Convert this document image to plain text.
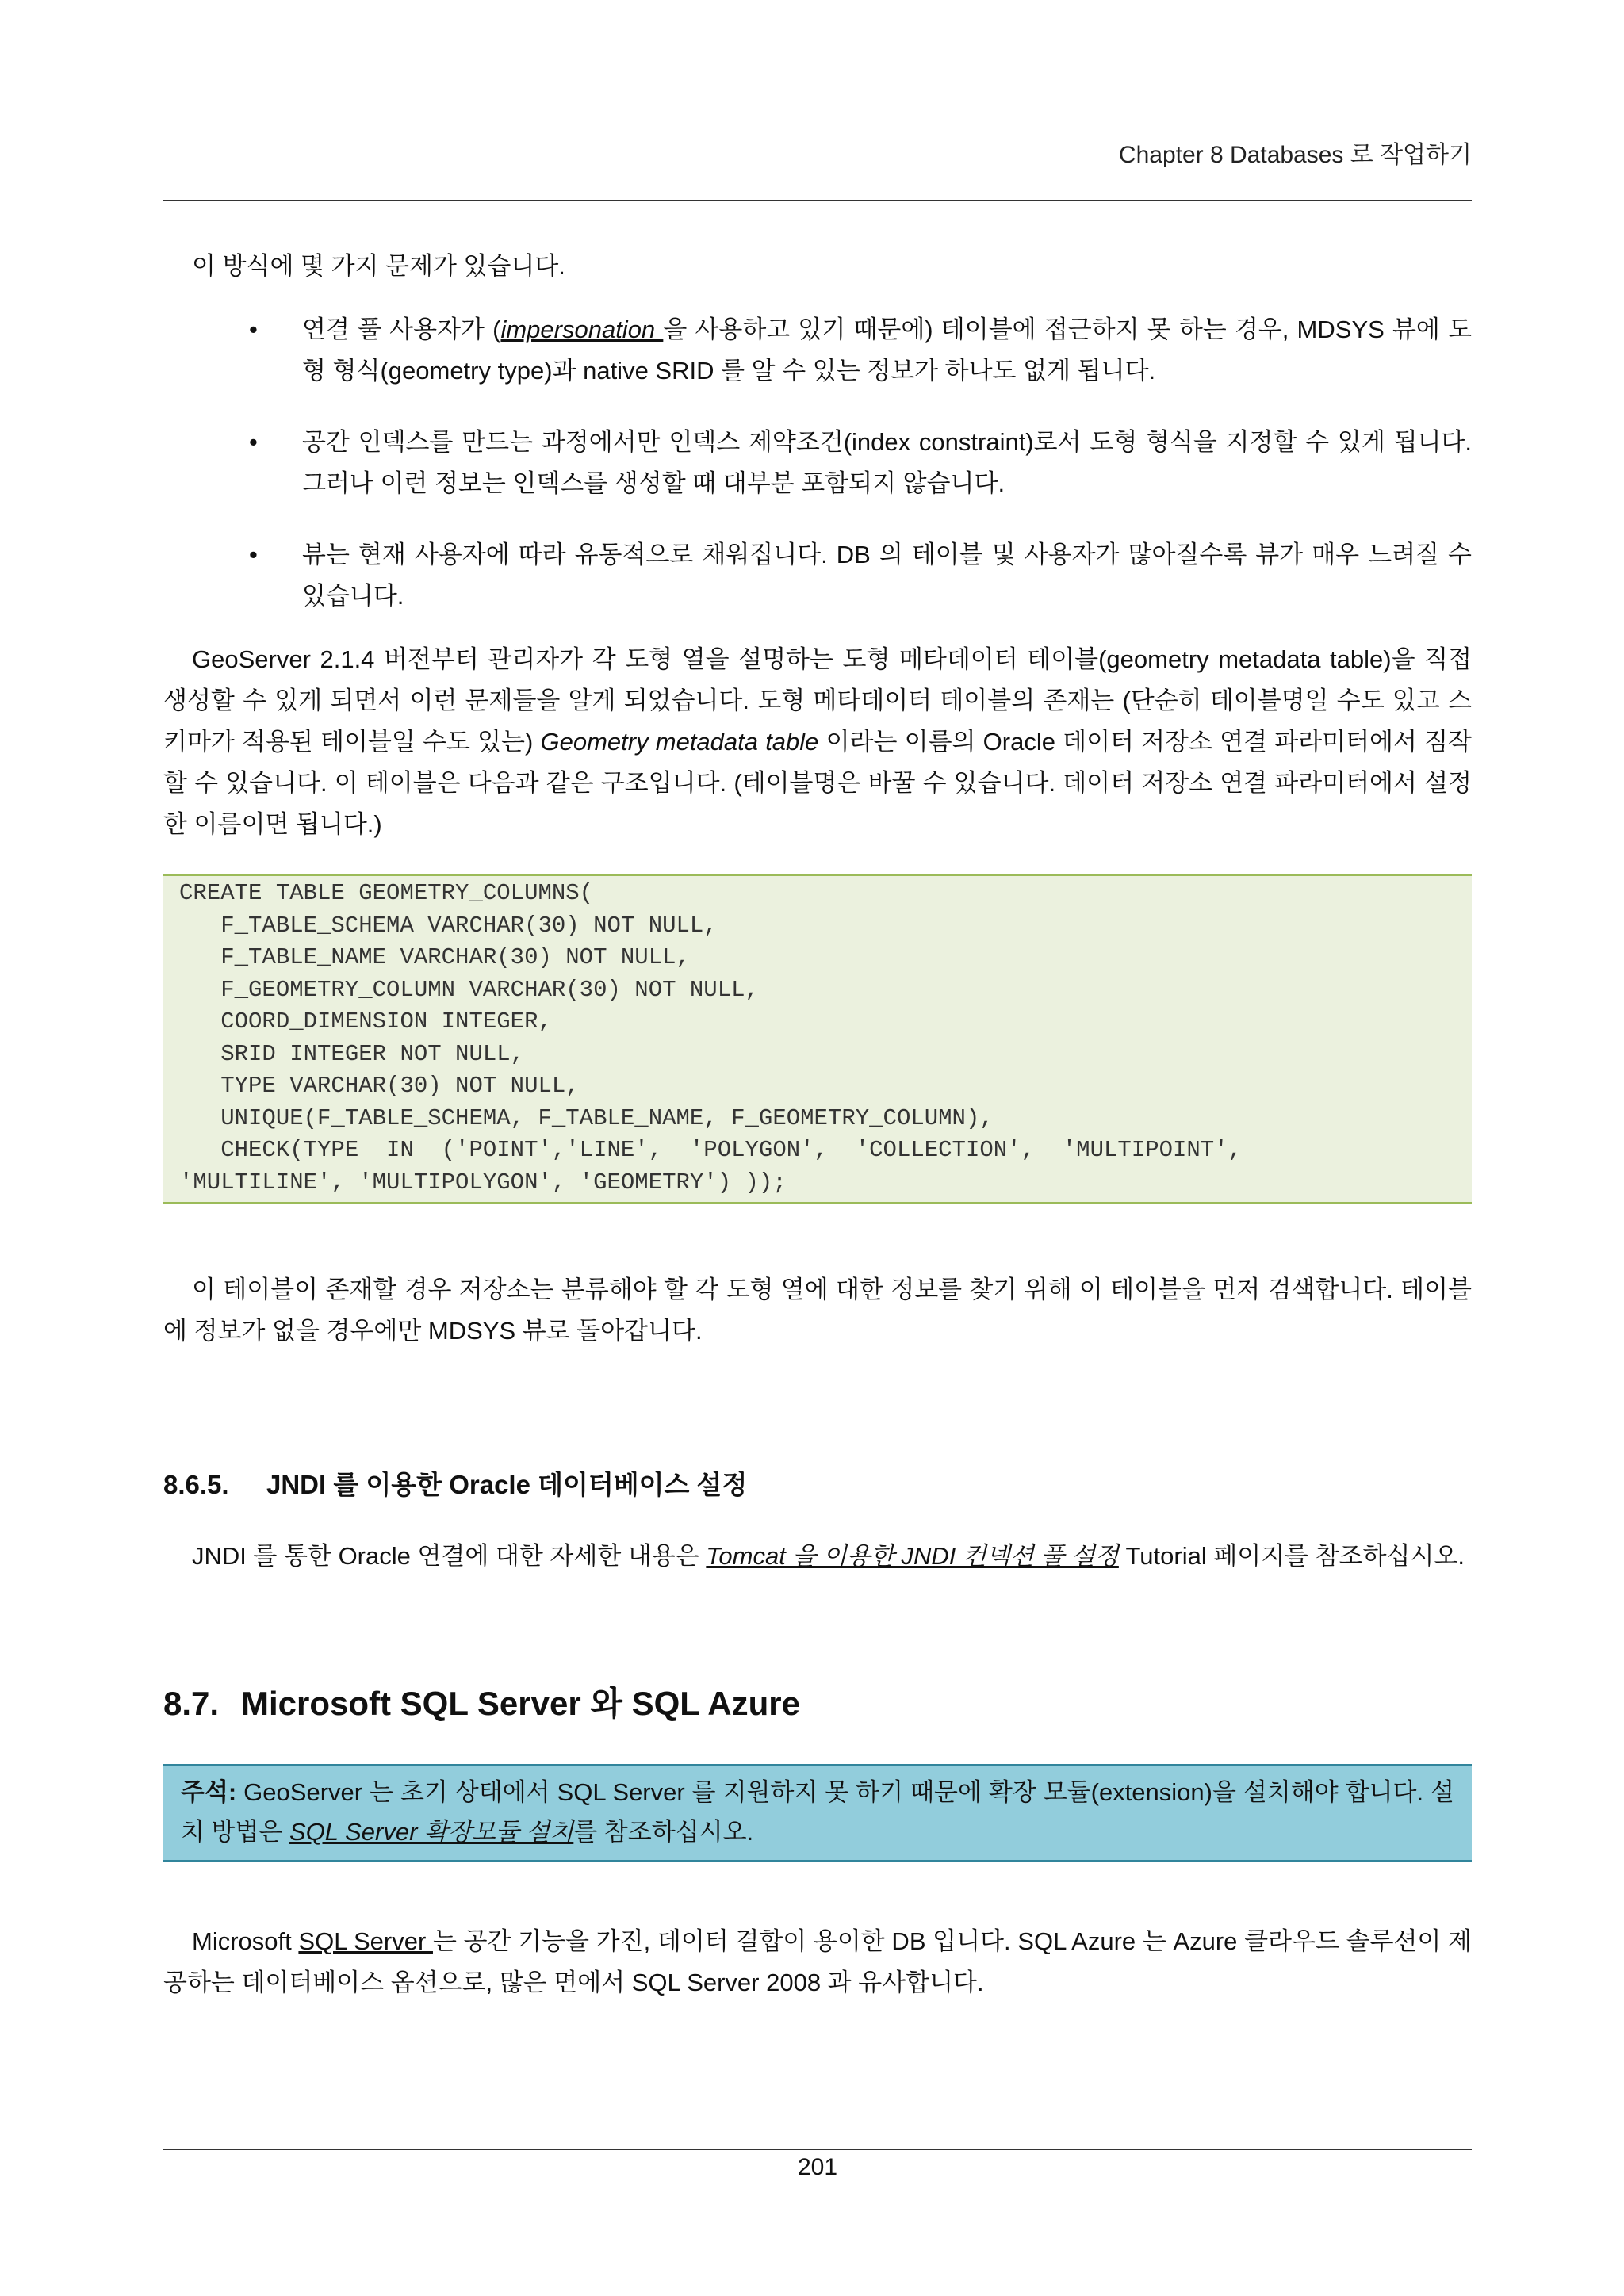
Chapter 8 Databases 로 작업하기

이 방식에 몇 가지 문제가 있습니다.

• 연결 풀 사용자가 (impersonation 을 사용하고 있기 때문에) 테이블에 접근하지 못 하는 경우, MDSYS 뷰에 도형 형식(geometry type)과 native SRID 를 알 수 있는 정보가 하나도 없게 됩니다.
• 공간 인덱스를 만드는 과정에서만 인덱스 제약조건(index constraint)로서 도형 형식을 지정할 수 있게 됩니다. 그러나 이런 정보는 인덱스를 생성할 때 대부분 포함되지 않습니다.
• 뷰는 현재 사용자에 따라 유동적으로 채워집니다. DB 의 테이블 및 사용자가 많아질수록 뷰가 매우 느려질 수 있습니다.

GeoServer 2.1.4 버전부터 관리자가 각 도형 열을 설명하는 도형 메타데이터 테이블(geometry metadata table)을 직접 생성할 수 있게 되면서 이런 문제들을 알게 되었습니다. 도형 메타데이터 테이블의 존재는 (단순히 테이블명일 수도 있고 스키마가 적용된 테이블일 수도 있는) Geometry metadata table 이라는 이름의 Oracle 데이터 저장소 연결 파라미터에서 짐작할 수 있습니다. 이 테이블은 다음과 같은 구조입니다. (테이블명은 바꿀 수 있습니다. 데이터 저장소 연결 파라미터에서 설정한 이름이면 됩니다.)

CREATE TABLE GEOMETRY_COLUMNS(
F_TABLE_SCHEMA VARCHAR(30) NOT NULL,
F_TABLE_NAME VARCHAR(30) NOT NULL,
F_GEOMETRY_COLUMN VARCHAR(30) NOT NULL,
COORD_DIMENSION INTEGER,
SRID INTEGER NOT NULL,
TYPE VARCHAR(30) NOT NULL,
UNIQUE(F_TABLE_SCHEMA, F_TABLE_NAME, F_GEOMETRY_COLUMN),
CHECK(TYPE  IN  ('POINT','LINE',  'POLYGON',  'COLLECTION',  'MULTIPOINT',
'MULTILINE', 'MULTIPOLYGON', 'GEOMETRY') ));

이 테이블이 존재할 경우 저장소는 분류해야 할 각 도형 열에 대한 정보를 찾기 위해 이 테이블을 먼저 검색합니다. 테이블에 정보가 없을 경우에만 MDSYS 뷰로 돌아갑니다.

8.6.5. JNDI 를 이용한 Oracle 데이터베이스 설정

JNDI 를 통한 Oracle 연결에 대한 자세한 내용은 Tomcat 을 이용한 JNDI 컨넥션 풀 설정 Tutorial 페이지를 참조하십시오.

8.7. Microsoft SQL Server 와 SQL Azure

주석: GeoServer 는 초기 상태에서 SQL Server 를 지원하지 못 하기 때문에 확장 모듈(extension)을 설치해야 합니다. 설치 방법은 SQL Server 확장모듈 설치를 참조하십시오.

Microsoft SQL Server 는 공간 기능을 가진, 데이터 결합이 용이한 DB 입니다. SQL Azure 는 Azure 클라우드 솔루션이 제공하는 데이터베이스 옵션으로, 많은 면에서 SQL Server 2008 과 유사합니다.

201
